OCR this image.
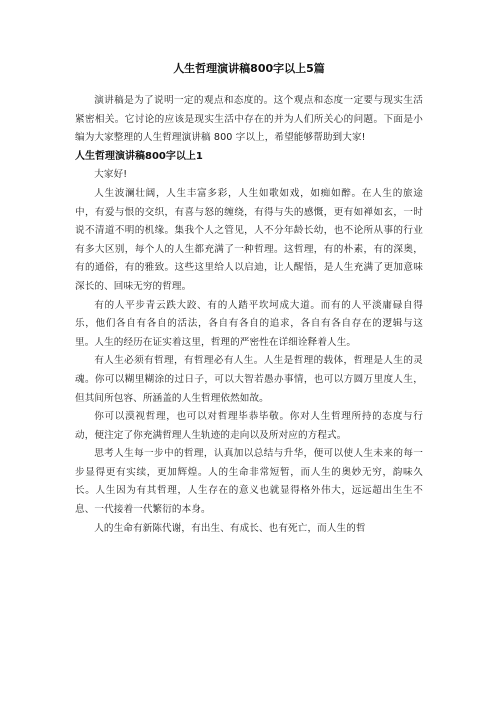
人生哲理演讲稿800字以上5篇

演讲稿是为了说明一定的观点和态度的。这个观点和态度一定要与现实生活紧密相关。它讨论的应该是现实生活中存在的并为人们所关心的问题。下面是小编为大家整理的人生哲理演讲稿 800 字以上，希望能够帮助到大家!

人生哲理演讲稿800字以上1

大家好!

人生波澜壮阔，人生丰富多彩，人生如歌如戏，如痴如醉。在人生的旅途中，有爱与恨的交织，有喜与怒的缠绕，有得与失的感慨，更有如禅如玄，一时说不清道不明的机缘。集我个人之管见，人不分年龄长幼，也不论所从事的行业有多大区别，每个人的人生都充满了一种哲理。这哲理，有的朴素，有的深奥，有的通俗，有的雅致。这些这里给人以启迪，让人醒悟，是人生充满了更加意味深长的、回味无穷的哲理。

有的人平步青云跌大跤、有的人踏平坎坷成大道。而有的人平淡庸碌自得乐，他们各自有各自的活法，各自有各自的追求，各自有各自存在的逻辑与这里。人生的经历在证实着这里，哲理的严密性在详细诠释着人生。

有人生必须有哲理，有哲理必有人生。人生是哲理的载体，哲理是人生的灵魂。你可以糊里糊涂的过日子，可以大智若愚办事情，也可以方圆万里度人生，但其间所包容、所涵盖的人生哲理依然如故。

你可以漠视哲理，也可以对哲理毕恭毕敬。你对人生哲理所持的态度与行动，便注定了你充满哲理人生轨迹的走向以及所对应的方程式。

思考人生每一步中的哲理，认真加以总结与升华，便可以使人生未来的每一步显得更有实续，更加辉煌。人的生命非常短暂，而人生的奥妙无穷，韵味久长。人生因为有其哲理，人生存在的意义也就显得格外伟大，远远超出生生不息、一代接着一代繁衍的本身。

人的生命有新陈代谢，有出生、有成长、也有死亡，而人生的哲
